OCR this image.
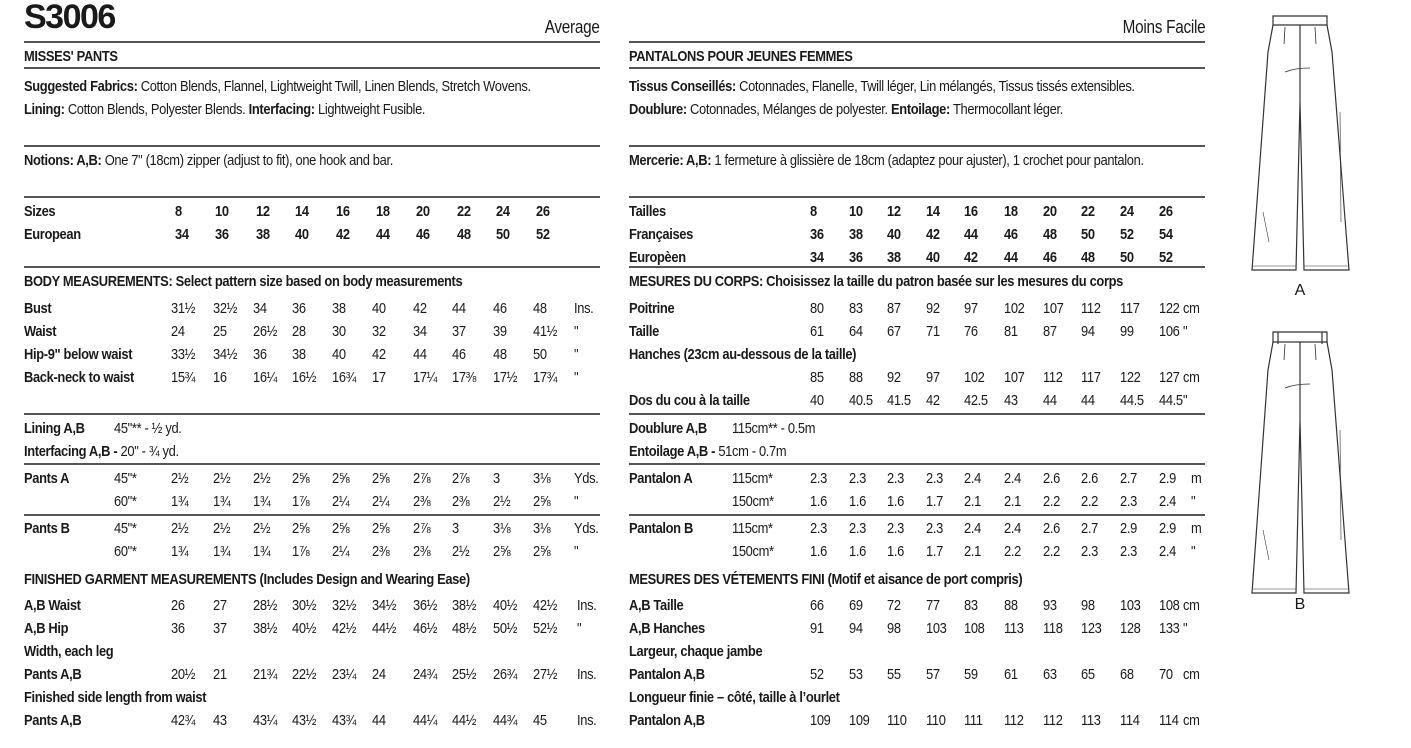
S3006	Average
MISSES' PANTS
Suggested Fabrics: Cotton Blends, Flannel, Lightweight Twill, Linen Blends, Stretch Wovens. Lining: Cotton Blends, Polyester Blends. Interfacing: Lightweight Fusible.
Notions: A,B: One 7" (18cm) zipper (adjust to fit), one hook and bar.
Sizes	8 10 12 14 16 18 20 22 24 26
European	34 36 38 40 42 44 46 48 50 52
BODY MEASUREMENTS: Select pattern size based on body measurements
Bust	31½ 32½ 34 36 38 40 42 44 46 48 Ins.
Waist	24 25 26½ 28 30 32 34 37 39 41½ "
Hip-9" below waist	33½ 34½ 36 38 40 42 44 46 48 50 "
Back-neck to waist 15¾ 16 16¼ 16½ 16¾ 17 17¼ 17⅜ 17½ 17¾ "
Lining A,B 45"** - ½ yd.
Interfacing A,B - 20" - ¾ yd.
Pants A	45"* 2½ 2½ 2½ 2⅝ 2⅝ 2⅝ 2⅞ 2⅞ 3 3⅛ Yds.
60"* 1¾ 1¾ 1¾ 1⅞ 2¼ 2¼ 2⅜ 2⅜ 2½ 2⅝ "
Pants B	45"* 2½ 2½ 2½ 2⅝ 2⅝ 2⅝ 2⅞ 3 3⅛ 3⅛ Yds.
60"* 1¾ 1¾ 1¾ 1⅞ 2¼ 2⅜ 2⅜ 2½ 2⅝ 2⅝ "
FINISHED GARMENT MEASUREMENTS (Includes Design and Wearing Ease)
A,B Waist	26 27 28½ 30½ 32½ 34½ 36½ 38½ 40½ 42½ Ins.
A,B Hip	36 37 38½ 40½ 42½ 44½ 46½ 48½ 50½ 52½ "
Width, each leg
Pants A,B	20½ 21 21¾ 22½ 23¼ 24 24¾ 25½ 26¾ 27½ Ins.
Finished side length from waist
Pants A,B	42¾ 43 43¼ 43½ 43¾ 44 44¼ 44½ 44¾ 45 Ins.
Moins Facile
PANTALONS POUR JEUNES FEMMES
Tissus Conseillés: Cotonnades, Flanelle, Twill léger, Lin mélangés, Tissus tissés extensibles. Doublure: Cotonnades, Mélanges de polyester. Entoilage: Thermocollant léger.
Mercerie: A,B: 1 fermeture à glissière de 18cm (adaptez pour ajuster), 1 crochet pour pantalon.
Tailles	8 10 12 14 16 18 20 22 24 26
Françaises	36 38 40 42 44 46 48 50 52 54
Europèen	34 36 38 40 42 44 46 48 50 52
MESURES DU CORPS: Choisissez la taille du patron basée sur les mesures du corps
Poitrine	80 83 87 92 97 102 107 112 117 122 cm
Taille	61 64 67 71 76 81 87 94 99 106 "
Hanches (23cm au-dessous de la taille)
85 88 92 97 102 107 112 117 122 127 cm
Dos du cou à la taille	40 40.5 41.5 42 42.5 43 44 44 44.5 44.5 "
Doublure A,B 115cm** - 0.5m
Entoilage A,B - 51cm - 0.7m
Pantalon A	115cm* 2.3 2.3 2.3 2.3 2.4 2.4 2.6 2.6 2.7 2.9 m
150cm* 1.6 1.6 1.6 1.7 2.1 2.1 2.2 2.2 2.3 2.4 "
Pantalon B	115cm* 2.3 2.3 2.3 2.3 2.4 2.4 2.6 2.7 2.9 2.9 m
150cm* 1.6 1.6 1.6 1.7 2.1 2.2 2.2 2.3 2.3 2.4 "
MESURES DES VÉTEMENTS FINI (Motif et aisance de port compris)
A,B Taille	66 69 72 77 83 88 93 98 103 108 cm
A,B Hanches	91 94 98 103 108 113 118 123 128 133 "
Largeur, chaque jambe
Pantalon A,B	52 53 55 57 59 61 63 65 68 70 cm
Longueur finie – côté, taille à l’ourlet
Pantalon A,B	109 109 110 110 111 112 112 113 114 114 cm
A
B
